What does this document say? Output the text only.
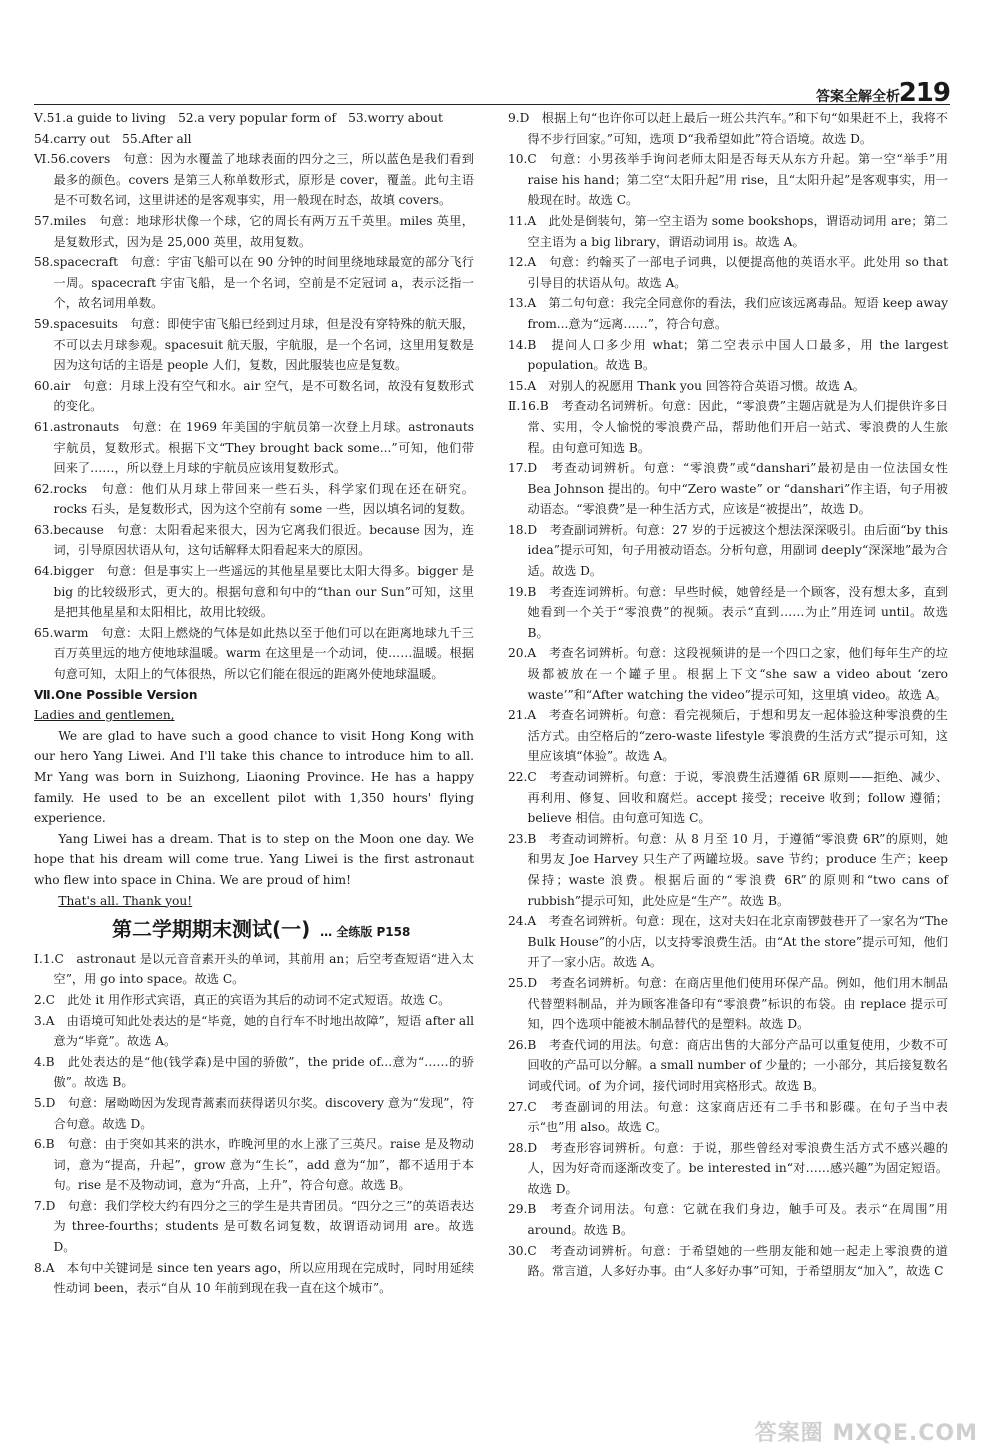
答案全解全析
219

Ⅴ.51.a guide to living　52.a very popular form of　53.worry about

54.carry out　55.After all

Ⅵ.56.covers　句意：因为水覆盖了地球表面的四分之三，所以蓝色是我们看到最多的颜色。covers 是第三人称单数形式，原形是 cover，覆盖。此句主语是不可数名词，这里讲述的是客观事实，用一般现在时态，故填 covers。

57.miles　句意：地球形状像一个球，它的周长有两万五千英里。miles 英里，是复数形式，因为是 25,000 英里，故用复数。

58.spacecraft　句意：宇宙飞船可以在 90 分钟的时间里绕地球最宽的部分飞行一周。spacecraft 宇宙飞船，是一个名词，空前是不定冠词 a，表示泛指一个，故名词用单数。

59.spacesuits　句意：即使宇宙飞船已经到过月球，但是没有穿特殊的航天服，不可以去月球参观。spacesuit 航天服，宇航服，是一个名词，这里用复数是因为这句话的主语是 people 人们，复数，因此服装也应是复数。

60.air　句意：月球上没有空气和水。air 空气，是不可数名词，故没有复数形式的变化。

61.astronauts　句意：在 1969 年美国的宇航员第一次登上月球。astronauts 宇航员，复数形式。根据下文“They brought back some...”可知，他们带回来了……，所以登上月球的宇航员应该用复数形式。

62.rocks　句意：他们从月球上带回来一些石头，科学家们现在还在研究。rocks 石头，是复数形式，因为这个空前有 some 一些，因以填名词的复数。

63.because　句意：太阳看起来很大，因为它离我们很近。because 因为，连词，引导原因状语从句，这句话解释太阳看起来大的原因。

64.bigger　句意：但是事实上一些遥远的其他星星要比太阳大得多。bigger 是 big 的比较级形式，更大的。根据句意和句中的“than our Sun”可知，这里是把其他星星和太阳相比，故用比较级。

65.warm　句意：太阳上燃烧的气体是如此热以至于他们可以在距离地球九千三百万英里远的地方使地球温暖。warm 在这里是一个动词，使……温暖。根据句意可知，太阳上的气体很热，所以它们能在很远的距离外使地球温暖。

Ⅶ.One Possible Version

Ladies and gentlemen,

We are glad to have such a good chance to visit Hong Kong with our hero Yang Liwei. And I'll take this chance to introduce him to all. Mr Yang was born in Suizhong, Liaoning Province. He has a happy family. He used to be an excellent pilot with 1,350 hours' flying experience.

Yang Liwei has a dream. That is to step on the Moon one day. We hope that his dream will come true. Yang Liwei is the first astronaut who flew into space in China. We are proud of him!

That's all. Thank you!

第二学期期末测试(一) … 全练版 P158

Ⅰ.1.C　astronaut 是以元音音素开头的单词，其前用 an；后空考查短语“进入太空”，用 go into space。故选 C。

2.C　此处 it 用作形式宾语，真正的宾语为其后的动词不定式短语。故选 C。

3.A　由语境可知此处表达的是“毕竟，她的自行车不时地出故障”，短语 after all 意为“毕竟”。故选 A。

4.B　此处表达的是“他(钱学森)是中国的骄傲”，the pride of...意为“……的骄傲”。故选 B。

5.D　句意：屠呦呦因为发现青蒿素而获得诺贝尔奖。discovery 意为“发现”，符合句意。故选 D。

6.B　句意：由于突如其来的洪水，昨晚河里的水上涨了三英尺。raise 是及物动词，意为“提高，升起”，grow 意为“生长”，add 意为“加”，都不适用于本句。rise 是不及物动词，意为“升高，上升”，符合句意。故选 B。

7.D　句意：我们学校大约有四分之三的学生是共青团员。“四分之三”的英语表达为 three-fourths；students 是可数名词复数，故谓语动词用 are。故选 D。

8.A　本句中关键词是 since ten years ago，所以应用现在完成时，同时用延续性动词 been，表示“自从 10 年前到现在我一直在这个城市”。

9.D　根据上句“也许你可以赶上最后一班公共汽车。”和下句“如果赶不上，我将不得不步行回家。”可知，选项 D“我希望如此”符合语境。故选 D。

10.C　句意：小男孩举手询问老师太阳是否每天从东方升起。第一空“举手”用 raise his hand；第二空“太阳升起”用 rise，且“太阳升起”是客观事实，用一般现在时。故选 C。

11.A　此处是倒装句，第一空主语为 some bookshops，谓语动词用 are；第二空主语为 a big library，谓语动词用 is。故选 A。

12.A　句意：约翰买了一部电子词典，以便提高他的英语水平。此处用 so that 引导目的状语从句。故选 A。

13.A　第二句句意：我完全同意你的看法，我们应该远离毒品。短语 keep away from...意为“远离……”，符合句意。

14.B　提问人口多少用 what；第二空表示中国人口最多，用 the largest population。故选 B。

15.A　对别人的祝愿用 Thank you 回答符合英语习惯。故选 A。

Ⅱ.16.B　考查动名词辨析。句意：因此，“零浪费”主题店就是为人们提供许多日常、实用，令人愉悦的零浪费产品，帮助他们开启一站式、零浪费的人生旅程。由句意可知选 B。

17.D　考查动词辨析。句意：“零浪费”或“danshari”最初是由一位法国女性 Bea Johnson 提出的。句中“Zero waste” or “danshari”作主语，句子用被动语态。“零浪费”是一种生活方式，应该是“被提出”，故选 D。

18.D　考查副词辨析。句意：27 岁的于远被这个想法深深吸引。由后面“by this idea”提示可知，句子用被动语态。分析句意，用副词 deeply“深深地”最为合适。故选 D。

19.B　考查连词辨析。句意：早些时候，她曾经是一个顾客，没有想太多，直到她看到一个关于“零浪费”的视频。表示“直到……为止”用连词 until。故选 B。

20.A　考查名词辨析。句意：这段视频讲的是一个四口之家，他们每年生产的垃圾都被放在一个罐子里。根据上下文“she saw a video about ‘zero waste’”和“After watching the video”提示可知，这里填 video。故选 A。

21.A　考查名词辨析。句意：看完视频后，于想和男友一起体验这种零浪费的生活方式。由空格后的“zero-waste lifestyle 零浪费的生活方式”提示可知，这里应该填“体验”。故选 A。

22.C　考查动词辨析。句意：于说，零浪费生活遵循 6R 原则——拒绝、减少、再利用、修复、回收和腐烂。accept 接受；receive 收到；follow 遵循；believe 相信。由句意可知选 C。

23.B　考查动词辨析。句意：从 8 月至 10 月，于遵循“零浪费 6R”的原则，她和男友 Joe Harvey 只生产了两罐垃圾。save 节约；produce 生产；keep 保持；waste 浪费。根据后面的“零浪费 6R”的原则和“two cans of rubbish”提示可知，此处应是“生产”。故选 B。

24.A　考查名词辨析。句意：现在，这对夫妇在北京南锣鼓巷开了一家名为“The Bulk House”的小店，以支持零浪费生活。由“At the store”提示可知，他们开了一家小店。故选 A。

25.D　考查名词辨析。句意：在商店里他们使用环保产品。例如，他们用木制品代替塑料制品，并为顾客准备印有“零浪费”标识的布袋。由 replace 提示可知，四个选项中能被木制品替代的是塑料。故选 D。

26.B　考查代词的用法。句意：商店出售的大部分产品可以重复使用，少数不可回收的产品可以分解。a small number of 少量的；一小部分，其后接复数名词或代词。of 为介词，接代词时用宾格形式。故选 B。

27.C　考查副词的用法。句意：这家商店还有二手书和影碟。在句子当中表示“也”用 also。故选 C。

28.D　考查形容词辨析。句意：于说，那些曾经对零浪费生活方式不感兴趣的人，因为好奇而逐渐改变了。be interested in“对……感兴趣”为固定短语。故选 D。

29.B　考查介词用法。句意：它就在我们身边，触手可及。表示“在周围”用 around。故选 B。

30.C　考查动词辨析。句意：于希望她的一些朋友能和她一起走上零浪费的道路。常言道，人多好办事。由“人多好办事”可知，于希望朋友“加入”，故选 C

答案圈 MXQE.COM
